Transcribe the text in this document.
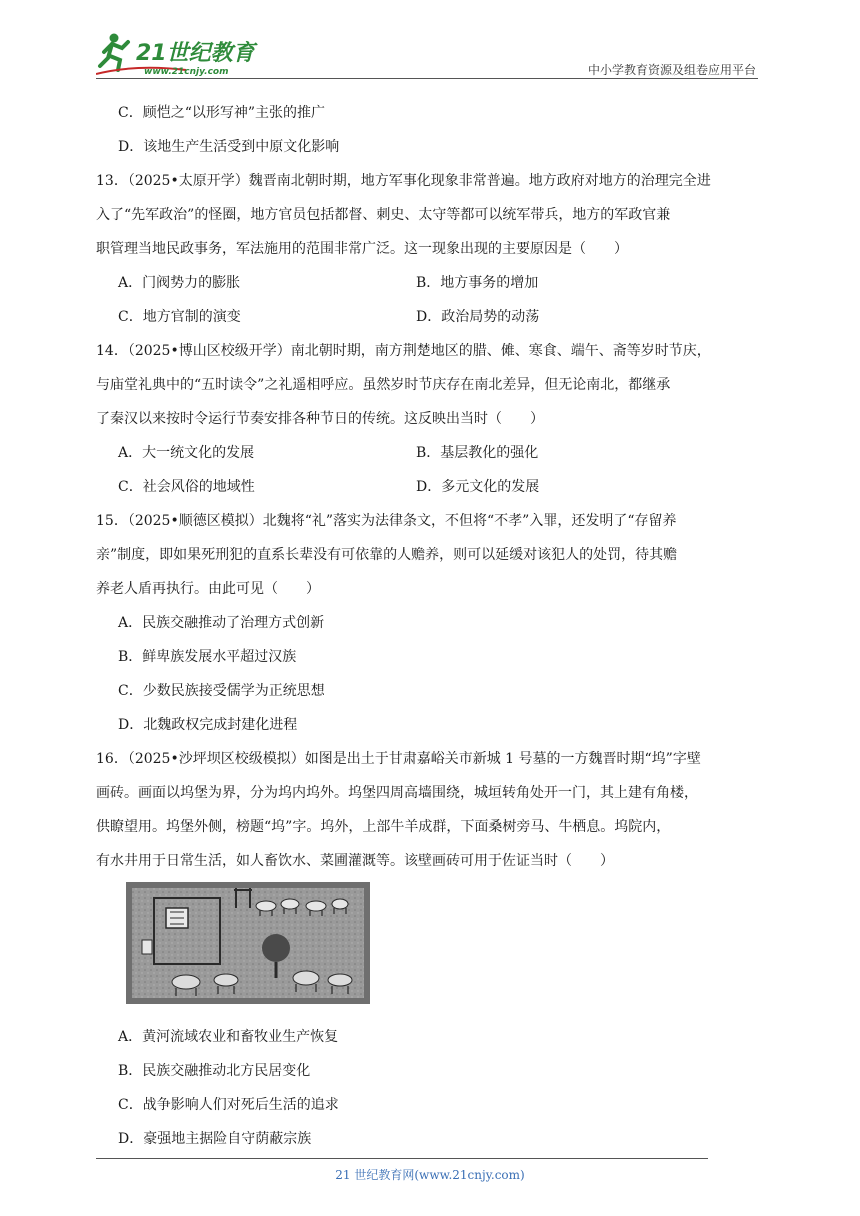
21世纪教育
www.21cnjy.com	中小学教育资源及组卷应用平台
C．顾恺之“以形写神”主张的推广
D．该地生产生活受到中原文化影响
13．（2025•太原开学）魏晋南北朝时期，地方军事化现象非常普遍。地方政府对地方的治理完全进
入了“先军政治”的怪圈，地方官员包括都督、刺史、太守等都可以统军带兵，地方的军政官兼
职管理当地民政事务，军法施用的范围非常广泛。这一现象出现的主要原因是（　　）
A．门阀势力的膨胀	B．地方事务的增加
C．地方官制的演变	D．政治局势的动荡
14．（2025•博山区校级开学）南北朝时期，南方荆楚地区的腊、傩、寒食、端午、斋等岁时节庆，
与庙堂礼典中的“五时读令”之礼遥相呼应。虽然岁时节庆存在南北差异，但无论南北，都继承
了秦汉以来按时令运行节奏安排各种节日的传统。这反映出当时（　　）
A．大一统文化的发展	B．基层教化的强化
C．社会风俗的地域性	D．多元文化的发展
15．（2025•顺德区模拟）北魏将“礼”落实为法律条文，不但将“不孝”入罪，还发明了“存留养
亲”制度，即如果死刑犯的直系长辈没有可依靠的人赡养，则可以延缓对该犯人的处罚，待其赡
养老人盾再执行。由此可见（　　）
A．民族交融推动了治理方式创新
B．鲜卑族发展水平超过汉族
C．少数民族接受儒学为正统思想
D．北魏政权完成封建化进程
16．（2025•沙坪坝区校级模拟）如图是出土于甘肃嘉峪关市新城 1 号墓的一方魏晋时期“坞”字壁
画砖。画面以坞堡为界，分为坞内坞外。坞堡四周高墙围绕，城垣转角处开一门，其上建有角楼，
供瞭望用。坞堡外侧，榜题“坞”字。坞外，上部牛羊成群，下面桑树旁马、牛栖息。坞院内，
有水井用于日常生活，如人畜饮水、菜圃灌溉等。该壁画砖可用于佐证当时（　　）
A．黄河流域农业和畜牧业生产恢复
B．民族交融推动北方民居变化
C．战争影响人们对死后生活的追求
D．豪强地主据险自守荫蔽宗族
21 世纪教育网(www.21cnjy.com)
